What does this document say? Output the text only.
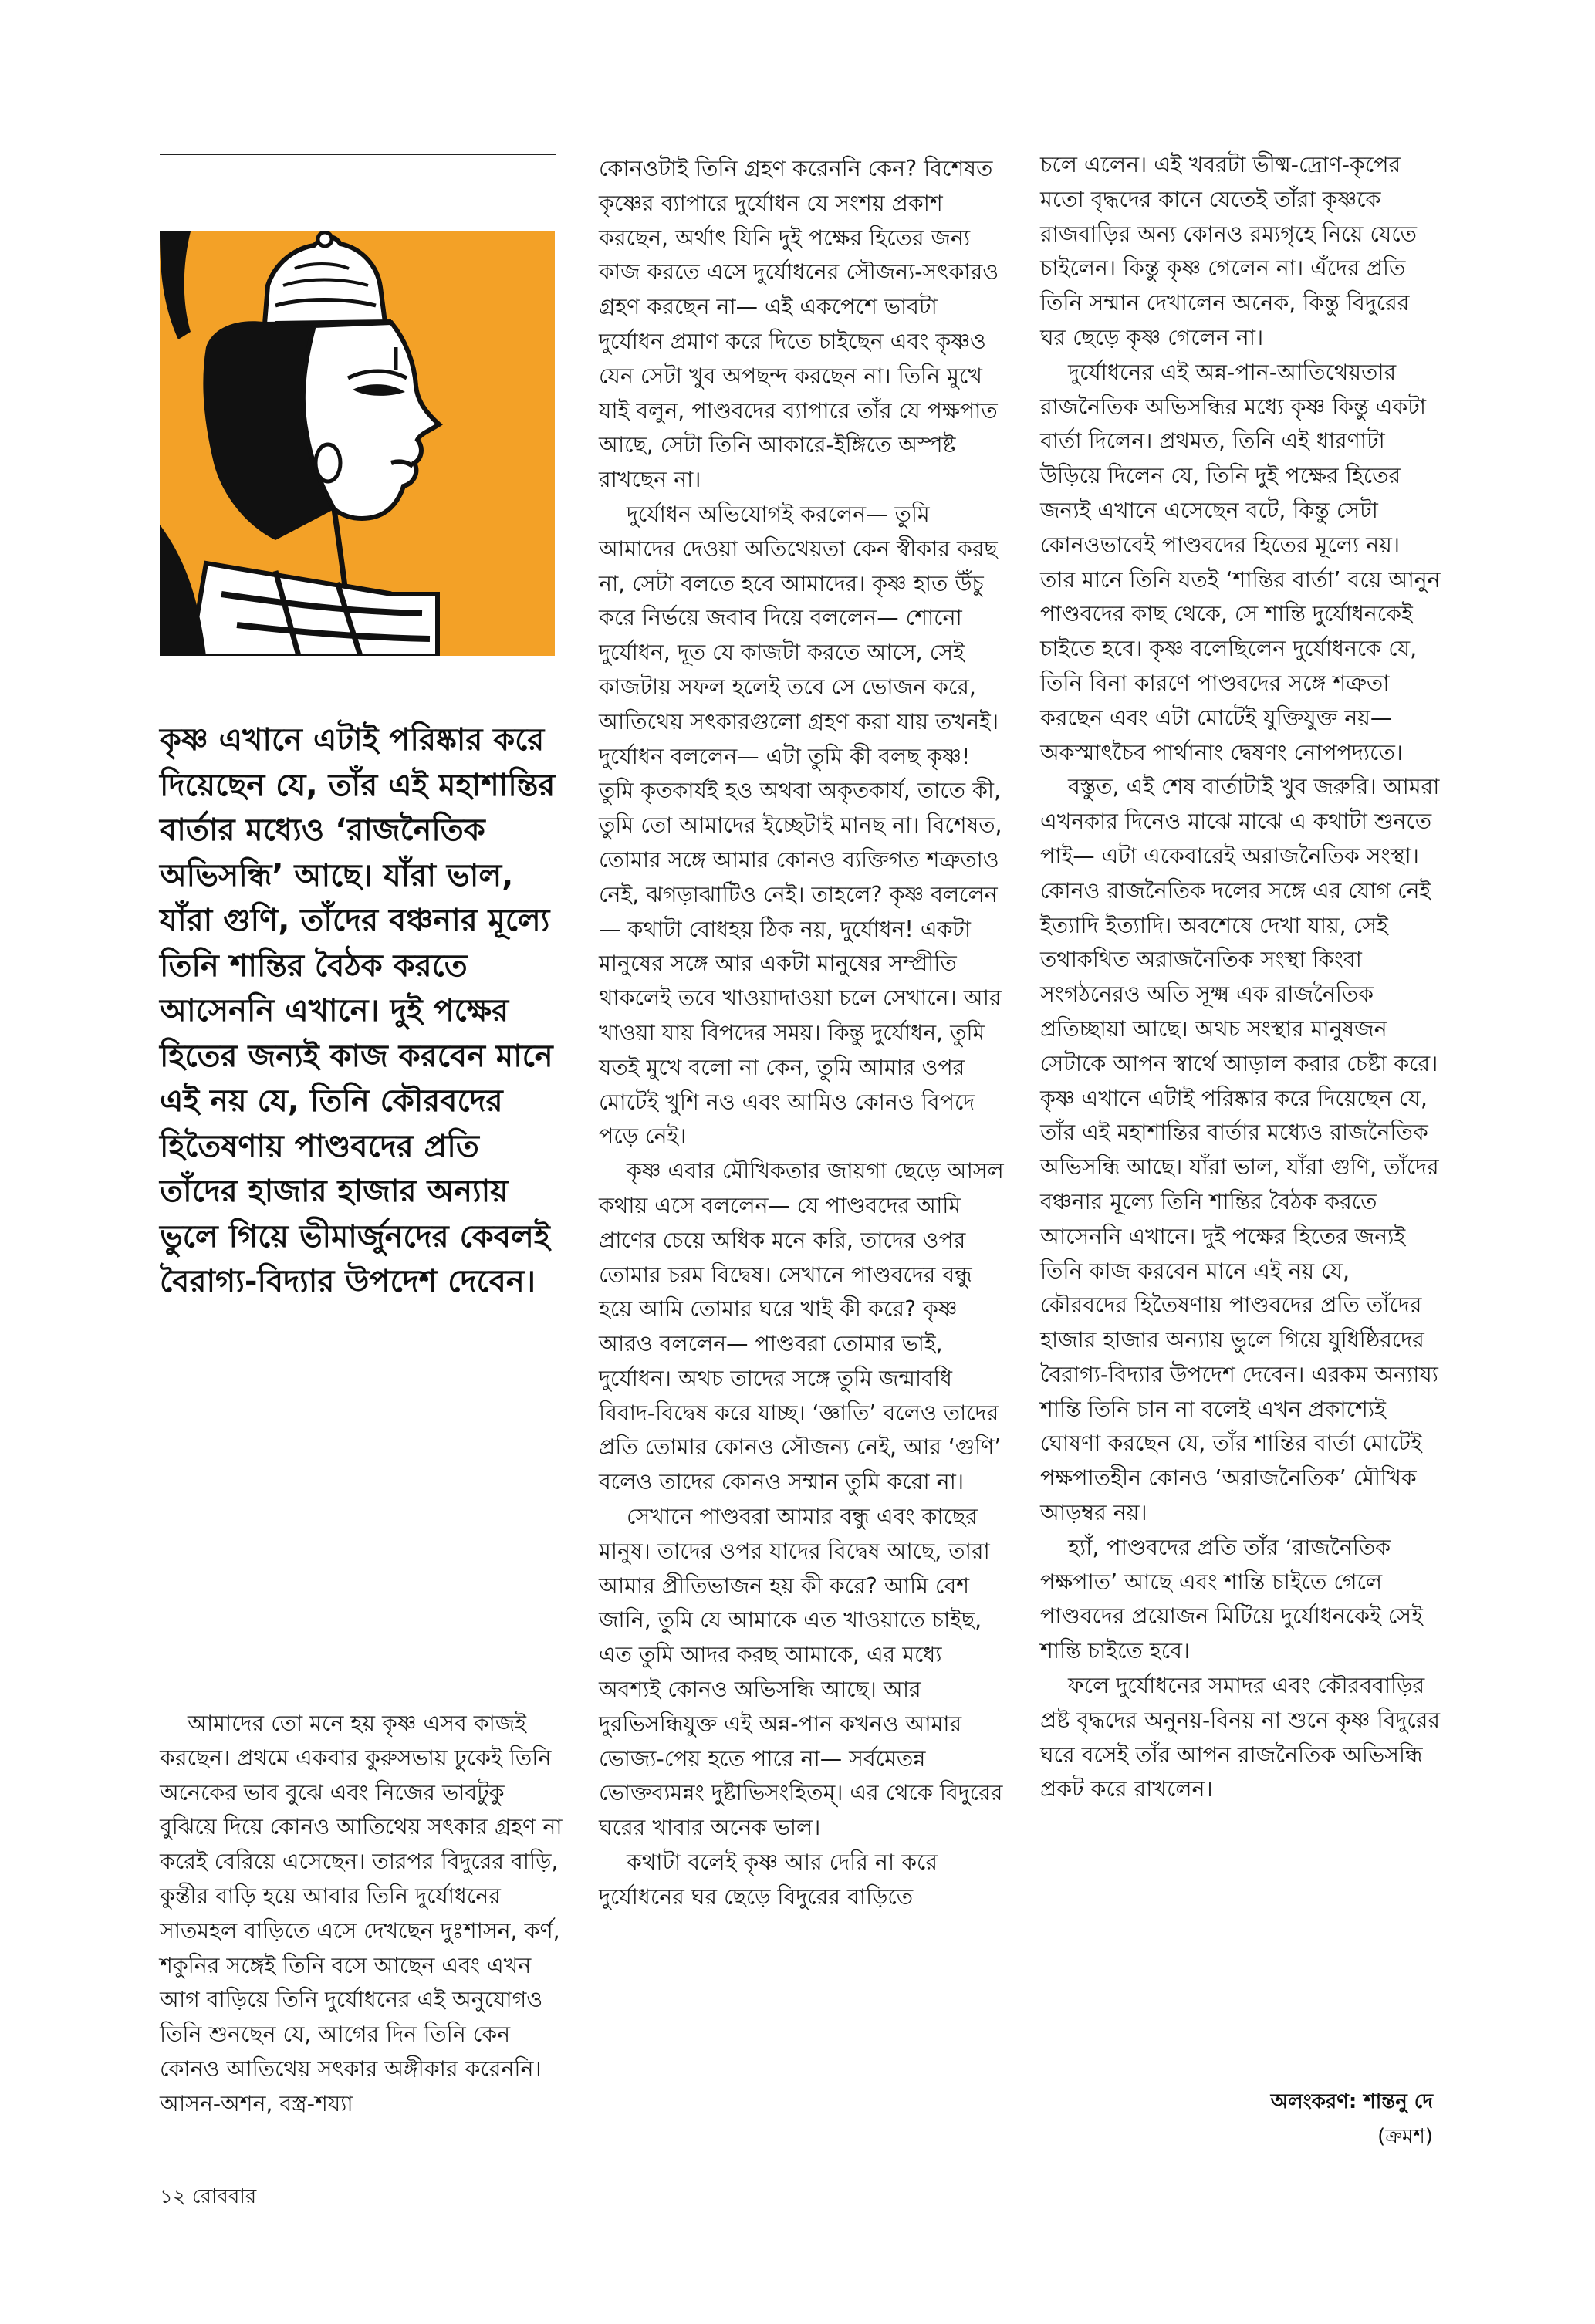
কৃষ্ণ এখানে এটাই পরিষ্কার করে দিয়েছেন যে, তাঁর এই মহাশান্তির বার্তার মধ্যেও ‘রাজনৈতিক অভিসন্ধি’ আছে। যাঁরা ভাল, যাঁরা গুণি, তাঁদের বঞ্চনার মূল্যে তিনি শান্তির বৈঠক করতে আসেননি এখানে। দুই পক্ষের হিতের জন্যই কাজ করবেন মানে এই নয় যে, তিনি কৌরবদের হিতৈষণায় পাণ্ডবদের প্রতি তাঁদের হাজার হাজার অন্যায় ভুলে গিয়ে ভীমার্জুনদের কেবলই বৈরাগ্য-বিদ্যার উপদেশ দেবেন।

আমাদের তো মনে হয় কৃষ্ণ এসব কাজই করছেন। প্রথমে একবার কুরুসভায় ঢুকেই তিনি অনেকের ভাব বুঝে এবং নিজের ভাবটুকু বুঝিয়ে দিয়ে কোনও আতিথেয় সৎকার গ্রহণ না করেই বেরিয়ে এসেছেন। তারপর বিদুরের বাড়ি, কুন্তীর বাড়ি হয়ে আবার তিনি দুর্যোধনের সাতমহল বাড়িতে এসে দেখছেন দুঃশাসন, কর্ণ, শকুনির সঙ্গেই তিনি বসে আছেন এবং এখন আগ বাড়িয়ে তিনি দুর্যোধনের এই অনুযোগও তিনি শুনছেন যে, আগের দিন তিনি কেন কোনও আতিথেয় সৎকার অঙ্গীকার করেননি। আসন-অশন, বস্ত্র-শয্যা

কোনওটাই তিনি গ্রহণ করেননি কেন? বিশেষত কৃষ্ণের ব্যাপারে দুর্যোধন যে সংশয় প্রকাশ করছেন, অর্থাৎ যিনি দুই পক্ষের হিতের জন্য কাজ করতে এসে দুর্যোধনের সৌজন্য-সৎকারও গ্রহণ করছেন না— এই একপেশে ভাবটা দুর্যোধন প্রমাণ করে দিতে চাইছেন এবং কৃষ্ণও যেন সেটা খুব অপছন্দ করছেন না। তিনি মুখে যাই বলুন, পাণ্ডবদের ব্যাপারে তাঁর যে পক্ষপাত আছে, সেটা তিনি আকারে-ইঙ্গিতে অস্পষ্ট রাখছেন না।

দুর্যোধন অভিযোগই করলেন— তুমি আমাদের দেওয়া অতিথেয়তা কেন স্বীকার করছ না, সেটা বলতে হবে আমাদের। কৃষ্ণ হাত উঁচু করে নির্ভয়ে জবাব দিয়ে বললেন— শোনো দুর্যোধন, দূত যে কাজটা করতে আসে, সেই কাজটায় সফল হলেই তবে সে ভোজন করে, আতিথেয় সৎকারগুলো গ্রহণ করা যায় তখনই। দুর্যোধন বললেন— এটা তুমি কী বলছ কৃষ্ণ! তুমি কৃতকার্যই হও অথবা অকৃতকার্য, তাতে কী, তুমি তো আমাদের ইচ্ছেটাই মানছ না। বিশেষত, তোমার সঙ্গে আমার কোনও ব্যক্তিগত শত্রুতাও নেই, ঝগড়াঝাটিও নেই। তাহলে? কৃষ্ণ বললেন— কথাটা বোধহয় ঠিক নয়, দুর্যোধন! একটা মানুষের সঙ্গে আর একটা মানুষের সম্প্রীতি থাকলেই তবে খাওয়াদাওয়া চলে সেখানে। আর খাওয়া যায় বিপদের সময়। কিন্তু দুর্যোধন, তুমি যতই মুখে বলো না কেন, তুমি আমার ওপর মোটেই খুশি নও এবং আমিও কোনও বিপদে পড়ে নেই।

কৃষ্ণ এবার মৌখিকতার জায়গা ছেড়ে আসল কথায় এসে বললেন— যে পাণ্ডবদের আমি প্রাণের চেয়ে অধিক মনে করি, তাদের ওপর তোমার চরম বিদ্বেষ। সেখানে পাণ্ডবদের বন্ধু হয়ে আমি তোমার ঘরে খাই কী করে? কৃষ্ণ আরও বললেন— পাণ্ডবরা তোমার ভাই, দুর্যোধন। অথচ তাদের সঙ্গে তুমি জন্মাবধি বিবাদ-বিদ্বেষ করে যাচ্ছ। ‘জ্ঞাতি’ বলেও তাদের প্রতি তোমার কোনও সৌজন্য নেই, আর ‘গুণি’ বলেও তাদের কোনও সম্মান তুমি করো না।

সেখানে পাণ্ডবরা আমার বন্ধু এবং কাছের মানুষ। তাদের ওপর যাদের বিদ্বেষ আছে, তারা আমার প্রীতিভাজন হয় কী করে? আমি বেশ জানি, তুমি যে আমাকে এত খাওয়াতে চাইছ, এত তুমি আদর করছ আমাকে, এর মধ্যে অবশ্যই কোনও অভিসন্ধি আছে। আর দুরভিসন্ধিযুক্ত এই অন্ন-পান কখনও আমার ভোজ্য-পেয় হতে পারে না— সর্বমেতন্ন ভোক্তব্যমন্নং দুষ্টাভিসংহিতম্। এর থেকে বিদুরের ঘরের খাবার অনেক ভাল।

কথাটা বলেই কৃষ্ণ আর দেরি না করে দুর্যোধনের ঘর ছেড়ে বিদুরের বাড়িতে

চলে এলেন। এই খবরটা ভীষ্ম-দ্রোণ-কৃপের মতো বৃদ্ধদের কানে যেতেই তাঁরা কৃষ্ণকে রাজবাড়ির অন্য কোনও রম্যগৃহে নিয়ে যেতে চাইলেন। কিন্তু কৃষ্ণ গেলেন না। এঁদের প্রতি তিনি সম্মান দেখালেন অনেক, কিন্তু বিদুরের ঘর ছেড়ে কৃষ্ণ গেলেন না।

দুর্যোধনের এই অন্ন-পান-আতিথেয়তার রাজনৈতিক অভিসন্ধির মধ্যে কৃষ্ণ কিন্তু একটা বার্তা দিলেন। প্রথমত, তিনি এই ধারণাটা উড়িয়ে দিলেন যে, তিনি দুই পক্ষের হিতের জন্যই এখানে এসেছেন বটে, কিন্তু সেটা কোনওভাবেই পাণ্ডবদের হিতের মূল্যে নয়। তার মানে তিনি যতই ‘শান্তির বার্তা’ বয়ে আনুন পাণ্ডবদের কাছ থেকে, সে শান্তি দুর্যোধনকেই চাইতে হবে। কৃষ্ণ বলেছিলেন দুর্যোধনকে যে, তিনি বিনা কারণে পাণ্ডবদের সঙ্গে শত্রুতা করছেন এবং এটা মোটেই যুক্তিযুক্ত নয়— অকস্মাৎচৈব পার্থানাং দ্বেষণং নোপপদ্যতে।

বস্তুত, এই শেষ বার্তাটাই খুব জরুরি। আমরা এখনকার দিনেও মাঝে মাঝে এ কথাটা শুনতে পাই— এটা একেবারেই অরাজনৈতিক সংস্থা। কোনও রাজনৈতিক দলের সঙ্গে এর যোগ নেই ইত্যাদি ইত্যাদি। অবশেষে দেখা যায়, সেই তথাকথিত অরাজনৈতিক সংস্থা কিংবা সংগঠনেরও অতি সূক্ষ্ম এক রাজনৈতিক প্রতিচ্ছায়া আছে। অথচ সংস্থার মানুষজন সেটাকে আপন স্বার্থে আড়াল করার চেষ্টা করে। কৃষ্ণ এখানে এটাই পরিষ্কার করে দিয়েছেন যে, তাঁর এই মহাশান্তির বার্তার মধ্যেও রাজনৈতিক অভিসন্ধি আছে। যাঁরা ভাল, যাঁরা গুণি, তাঁদের বঞ্চনার মূল্যে তিনি শান্তির বৈঠক করতে আসেননি এখানে। দুই পক্ষের হিতের জন্যই তিনি কাজ করবেন মানে এই নয় যে, কৌরবদের হিতৈষণায় পাণ্ডবদের প্রতি তাঁদের হাজার হাজার অন্যায় ভুলে গিয়ে যুধিষ্ঠিরদের বৈরাগ্য-বিদ্যার উপদেশ দেবেন। এরকম অন্যায্য শান্তি তিনি চান না বলেই এখন প্রকাশ্যেই ঘোষণা করছেন যে, তাঁর শান্তির বার্তা মোটেই পক্ষপাতহীন কোনও ‘অরাজনৈতিক’ মৌখিক আড়ম্বর নয়।

হ্যাঁ, পাণ্ডবদের প্রতি তাঁর ‘রাজনৈতিক পক্ষপাত’ আছে এবং শান্তি চাইতে গেলে পাণ্ডবদের প্রয়োজন মিটিয়ে দুর্যোধনকেই সেই শান্তি চাইতে হবে।

ফলে দুর্যোধনের সমাদর এবং কৌরববাড়ির প্রষ্ট বৃদ্ধদের অনুনয়-বিনয় না শুনে কৃষ্ণ বিদুরের ঘরে বসেই তাঁর আপন রাজনৈতিক অভিসন্ধি প্রকট করে রাখলেন।

অলংকরণ: শান্তনু দে
(ক্রমশ)
১২ রোববার
